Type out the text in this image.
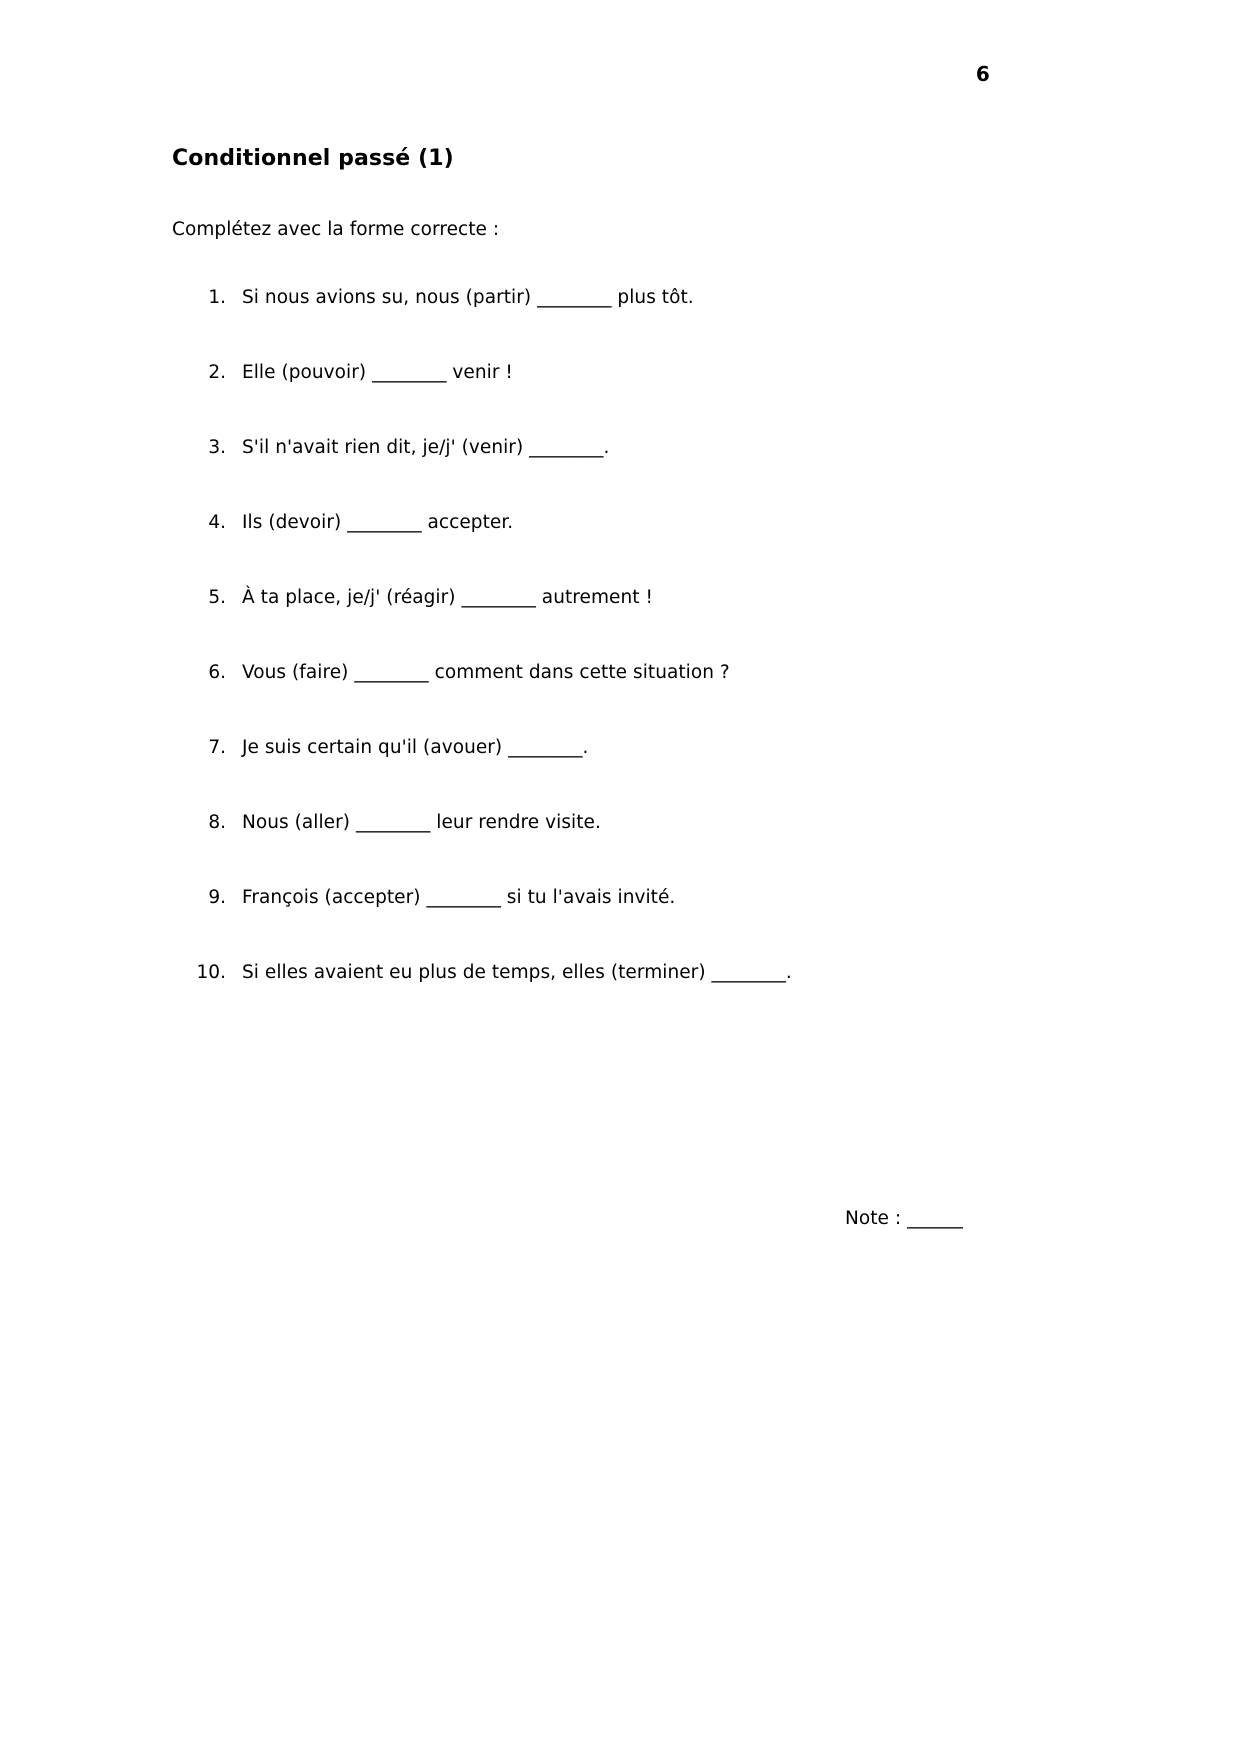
6
Conditionnel passé (1)

Complétez avec la forme correcte :

1. Si nous avions su, nous (partir) ________ plus tôt.
2. Elle (pouvoir) ________ venir !
3. S'il n'avait rien dit, je/j' (venir) ________.
4. Ils (devoir) ________ accepter.
5. À ta place, je/j' (réagir) ________ autrement !
6. Vous (faire) ________ comment dans cette situation ?
7. Je suis certain qu'il (avouer) ________.
8. Nous (aller) ________ leur rendre visite.
9. François (accepter) ________ si tu l'avais invité.
10. Si elles avaient eu plus de temps, elles (terminer) ________.
Note : ______
